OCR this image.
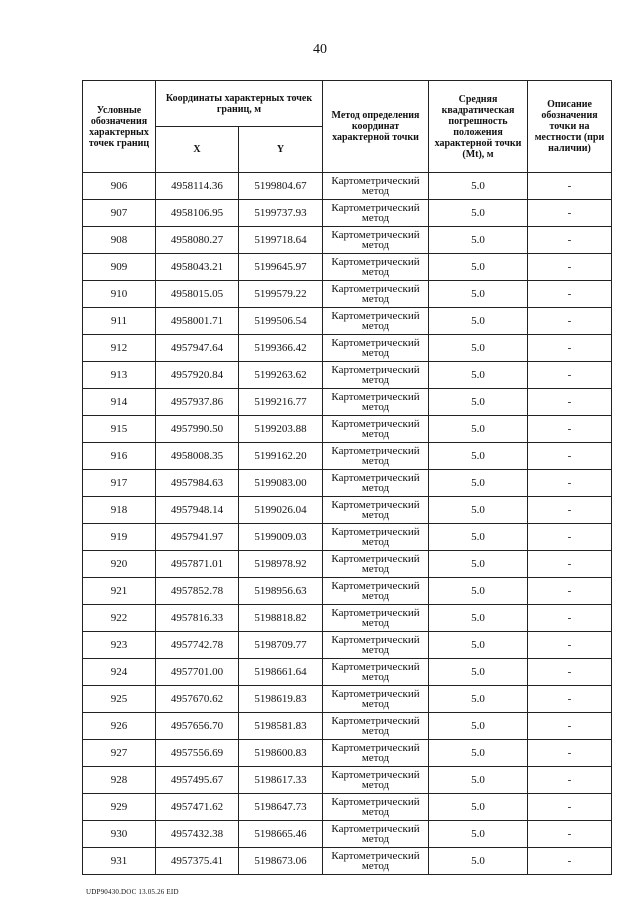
40
Условные обозначения характерных точек границ	Координаты характерных точек границ, м		Метод определения координат характерной точки	Средняя квадратическая погрешность положения характерной точки (Mt), м	Описание обозначения точки на местности (при наличии)
	X	Y			
906	4958114.36	5199804.67	Картометрический метод	5.0	-
907	4958106.95	5199737.93	Картометрический метод	5.0	-
908	4958080.27	5199718.64	Картометрический метод	5.0	-
909	4958043.21	5199645.97	Картометрический метод	5.0	-
910	4958015.05	5199579.22	Картометрический метод	5.0	-
911	4958001.71	5199506.54	Картометрический метод	5.0	-
912	4957947.64	5199366.42	Картометрический метод	5.0	-
913	4957920.84	5199263.62	Картометрический метод	5.0	-
914	4957937.86	5199216.77	Картометрический метод	5.0	-
915	4957990.50	5199203.88	Картометрический метод	5.0	-
916	4958008.35	5199162.20	Картометрический метод	5.0	-
917	4957984.63	5199083.00	Картометрический метод	5.0	-
918	4957948.14	5199026.04	Картометрический метод	5.0	-
919	4957941.97	5199009.03	Картометрический метод	5.0	-
920	4957871.01	5198978.92	Картометрический метод	5.0	-
921	4957852.78	5198956.63	Картометрический метод	5.0	-
922	4957816.33	5198818.82	Картометрический метод	5.0	-
923	4957742.78	5198709.77	Картометрический метод	5.0	-
924	4957701.00	5198661.64	Картометрический метод	5.0	-
925	4957670.62	5198619.83	Картометрический метод	5.0	-
926	4957656.70	5198581.83	Картометрический метод	5.0	-
927	4957556.69	5198600.83	Картометрический метод	5.0	-
928	4957495.67	5198617.33	Картометрический метод	5.0	-
929	4957471.62	5198647.73	Картометрический метод	5.0	-
930	4957432.38	5198665.46	Картометрический метод	5.0	-
931	4957375.41	5198673.06	Картометрический метод	5.0	-
UDP90430.DOC 13.05.26 EID
